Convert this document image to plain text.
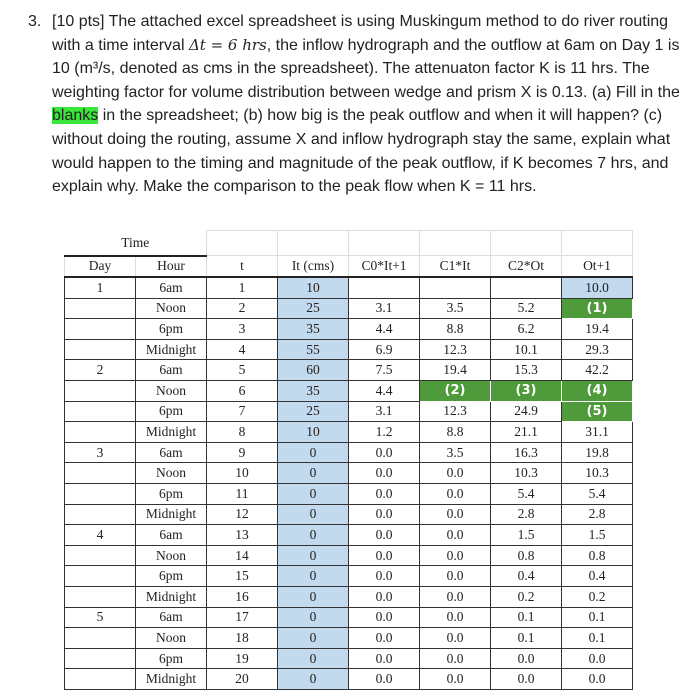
3. [10 pts] The attached excel spreadsheet is using Muskingum method to do river routing with a time interval Δt = 6 hrs, the inflow hydrograph and the outflow at 6am on Day 1 is 10 (m³/s, denoted as cms in the spreadsheet). The attenuaton factor K is 11 hrs. The weighting factor for volume distribution between wedge and prism X is 0.13. (a) Fill in the blanks in the spreadsheet; (b) how big is the peak outflow and when it will happen? (c) without doing the routing, assume X and inflow hydrograph stay the same, explain what would happen to the timing and magnitude of the peak outflow, if K becomes 7 hrs, and explain why. Make the comparison to the peak flow when K = 11 hrs.
Time							
Day	Hour	t	It (cms)	C0*It+1	C1*It	C2*Ot	Ot+1
1	6am	1	10				10.0
	Noon	2	25	3.1	3.5	5.2	(1)
	6pm	3	35	4.4	8.8	6.2	19.4
	Midnight	4	55	6.9	12.3	10.1	29.3
2	6am	5	60	7.5	19.4	15.3	42.2
	Noon	6	35	4.4	(2)	(3)	(4)
	6pm	7	25	3.1	12.3	24.9	(5)
	Midnight	8	10	1.2	8.8	21.1	31.1
3	6am	9	0	0.0	3.5	16.3	19.8
	Noon	10	0	0.0	0.0	10.3	10.3
	6pm	11	0	0.0	0.0	5.4	5.4
	Midnight	12	0	0.0	0.0	2.8	2.8
4	6am	13	0	0.0	0.0	1.5	1.5
	Noon	14	0	0.0	0.0	0.8	0.8
	6pm	15	0	0.0	0.0	0.4	0.4
	Midnight	16	0	0.0	0.0	0.2	0.2
5	6am	17	0	0.0	0.0	0.1	0.1
	Noon	18	0	0.0	0.0	0.1	0.1
	6pm	19	0	0.0	0.0	0.0	0.0
	Midnight	20	0	0.0	0.0	0.0	0.0
